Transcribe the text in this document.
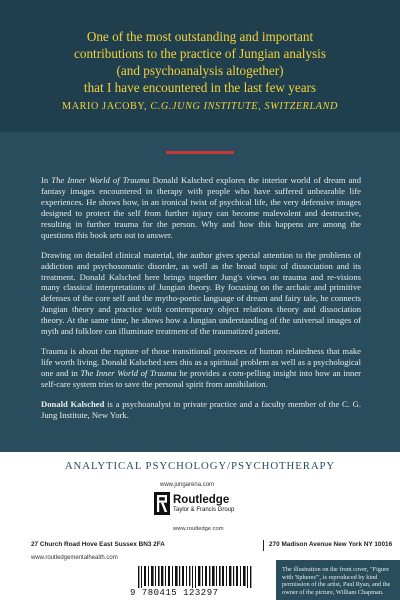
One of the most outstanding and important
contributions to the practice of Jungian analysis
(and psychoanalysis altogether)
that I have encountered in the last few years
MARIO JACOBY, C.G.JUNG INSTITUTE, SWITZERLAND

In The Inner World of Trauma Donald Kalsched explores the interior world of dream and fantasy images encountered in therapy with people who have suffered unbearable life experiences. He shows how, in an ironical twist of psychical life, the very defensive images designed to protect the self from further injury can become malevolent and destructive, resulting in further trauma for the person. Why and how this happens are among the questions this book sets out to answer.

Drawing on detailed clinical material, the author gives special attention to the problems of addiction and psychosomatic disorder, as well as the broad topic of dissociation and its treatment. Donald Kalsched here brings together Jung's views on trauma and re-visions many classical interpretations of Jungian theory. By focusing on the archaic and primitive defenses of the core self and the mytho-poetic language of dream and fairy tale, he connects Jungian theory and practice with contemporary object relations theory and dissociation theory. At the same time, he shows how a Jungian understanding of the universal images of myth and folklore can illuminate treatment of the traumatized patient.

Trauma is about the rupture of those transitional processes of human relatedness that make life worth living. Donald Kalsched sees this as a spiritual problem as well as a psychological one and in The Inner World of Trauma he provides a com-pelling insight into how an inner self-care system tries to save the personal spirit from annihilation.

Donald Kalsched is a psychoanalyst in private practice and a faculty member of the C. G. Jung Institute, New York.

ANALYTICAL PSYCHOLOGY/PSYCHOTHERAPY
www.jungarena.com
Routledge
Taylor & Francis Group
www.routledge.com
27 Church Road Hove East Sussex BN3 2FA	270 Madison Avenue New York NY 10016
www.routledgementalhealth.com
9 780415 123297
The illustration on the front cover, "Figure with 'Spheres'", is reproduced by kind permission of the artist, Paul Ryan, and the owner of the picture, William Chapman.
